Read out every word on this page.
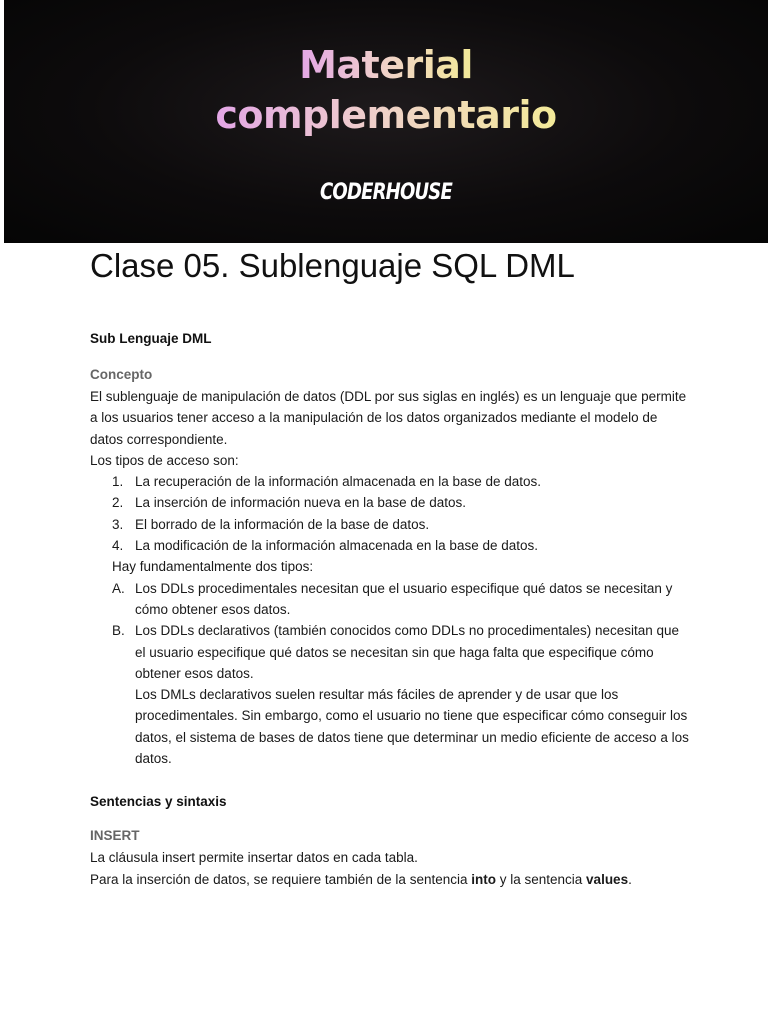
Material
complementario
CODERHOUSE
Clase 05. Sublenguaje SQL DML
Sub Lenguaje DML
Concepto

El sublenguaje de manipulación de datos (DDL por sus siglas en inglés) es un lenguaje que permite a los usuarios tener acceso a la manipulación de los datos organizados mediante el modelo de datos correspondiente.

Los tipos de acceso son:

1. La recuperación de la información almacenada en la base de datos.
2. La inserción de información nueva en la base de datos.
3. El borrado de la información de la base de datos.
4. La modificación de la información almacenada en la base de datos.
Hay fundamentalmente dos tipos:
A. Los DDLs procedimentales necesitan que el usuario especifique qué datos se necesitan y cómo obtener esos datos.
B. Los DDLs declarativos (también conocidos como DDLs no procedimentales) necesitan que el usuario especifique qué datos se necesitan sin que haga falta que especifique cómo obtener esos datos.
Los DMLs declarativos suelen resultar más fáciles de aprender y de usar que los procedimentales. Sin embargo, como el usuario no tiene que especificar cómo conseguir los datos, el sistema de bases de datos tiene que determinar un medio eficiente de acceso a los datos.
Sentencias y sintaxis
INSERT

La cláusula insert permite insertar datos en cada tabla.

Para la inserción de datos, se requiere también de la sentencia into y la sentencia values.
